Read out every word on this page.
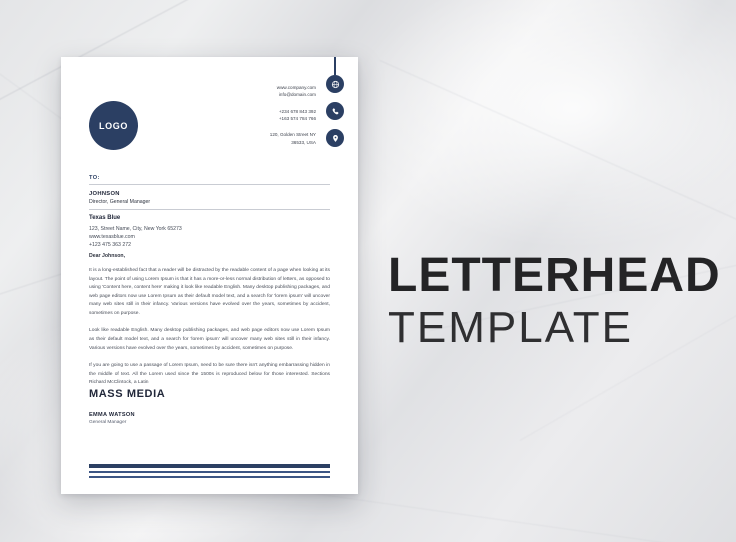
LETTERHEAD
TEMPLATE
LOGO
www.company.com
info@domain.com
+234 678 843 392
+163 574 784 766
120, Golden Street NY
36533, USA
TO:
JOHNSON
Director, General Manager
Texas Blue
123, Street Name, City, New York 65273
www.texasblue.com
+123 475 363 272
Dear Johnson,

It is a long-established fact that a reader will be distracted by the readable content of a page when looking at its layout. The point of using Lorem Ipsum is that it has a more-or-less normal distribution of letters, as opposed to using 'Content here, content here' making it look like readable English. Many desktop publishing packages, and web page editors now use Lorem Ipsum as their default model text, and a search for 'lorem ipsum' will uncover many web sites still in their infancy. Various versions have evolved over the years, sometimes by accident, sometimes on purpose.

Look like readable English. Many desktop publishing packages, and web page editors now use Lorem Ipsum as their default model text, and a search for 'lorem ipsum' will uncover many web sites still in their infancy. Various versions have evolved over the years, sometimes by accident, sometimes on purpose.

If you are going to use a passage of Lorem Ipsum, need to be sure there isn't anything embarrassing hidden in the middle of text. All the Lorem used since the 1500s is reproduced below for those interested. Sections Richard McClintock, a Latin

MASS MEDIA
EMMA WATSON
General Manager
